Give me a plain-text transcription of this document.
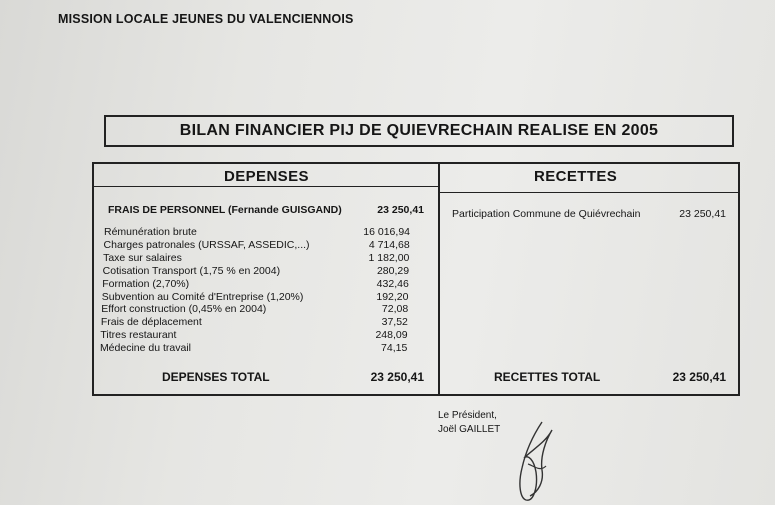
MISSION LOCALE JEUNES DU VALENCIENNOIS
BILAN FINANCIER PIJ DE QUIEVRECHAIN REALISE EN 2005
DEPENSES	RECETTES
FRAIS DE PERSONNEL (Fernande GUISGAND)	23 250,41
Rémunération brute	16 016,94
Charges patronales (URSSAF, ASSEDIC,...)	4 714,68
Taxe sur salaires	1 182,00
Cotisation Transport (1,75 % en 2004)	280,29
Formation (2,70%)	432,46
Subvention au Comité d'Entreprise (1,20%)	192,20
Effort construction (0,45% en 2004)	72,08
Frais de déplacement	37,52
Titres restaurant	248,09
Médecine du travail	74,15
DEPENSES TOTAL	23 250,41
Participation Commune de Quiévrechain	23 250,41
RECETTES TOTAL	23 250,41
Le Président,
Joël GAILLET
